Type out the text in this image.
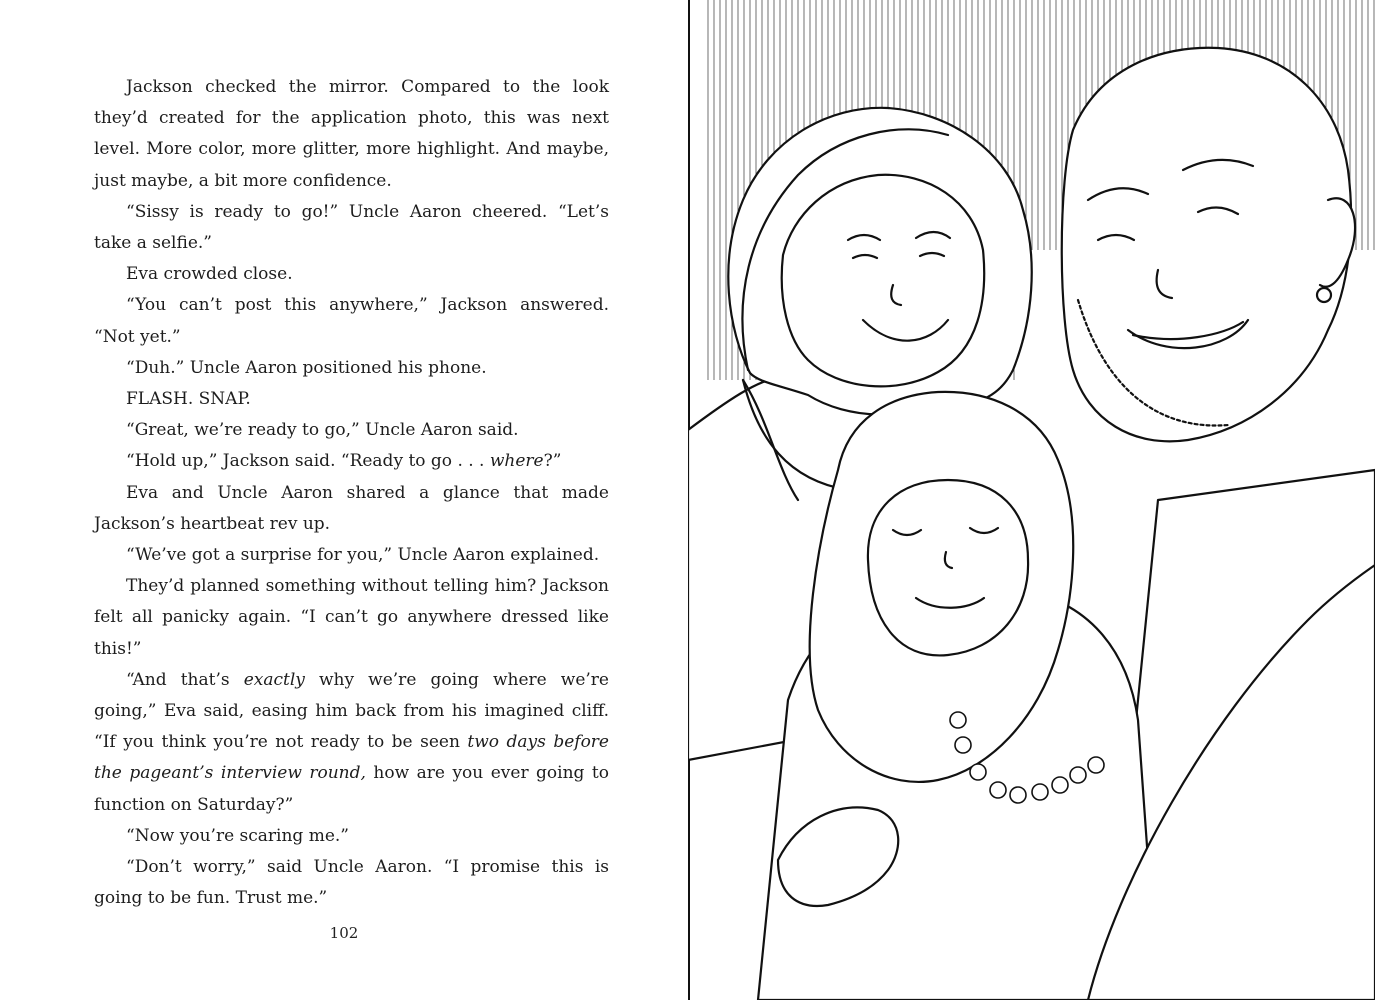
Jackson checked the mirror. Compared to the look they’d created for the application photo, this was next level. More color, more glitter, more highlight. And maybe, just maybe, a bit more confidence.

“Sissy is ready to go!” Uncle Aaron cheered. “Let’s take a selfie.”

Eva crowded close.

“You can’t post this anywhere,” Jackson answered. “Not yet.”

“Duh.” Uncle Aaron positioned his phone.

FLASH. SNAP.

“Great, we’re ready to go,” Uncle Aaron said.

“Hold up,” Jackson said. “Ready to go . . . where?”

Eva and Uncle Aaron shared a glance that made Jackson’s heartbeat rev up.

“We’ve got a surprise for you,” Uncle Aaron explained.

They’d planned something without telling him? Jackson felt all panicky again. “I can’t go anywhere dressed like this!”

“And that’s exactly why we’re going where we’re going,” Eva said, easing him back from his imagined cliff. “If you think you’re not ready to be seen two days before the pageant’s interview round, how are you ever going to function on Saturday?”

“Now you’re scaring me.”

“Don’t worry,” said Uncle Aaron. “I promise this is going to be fun. Trust me.”

102
